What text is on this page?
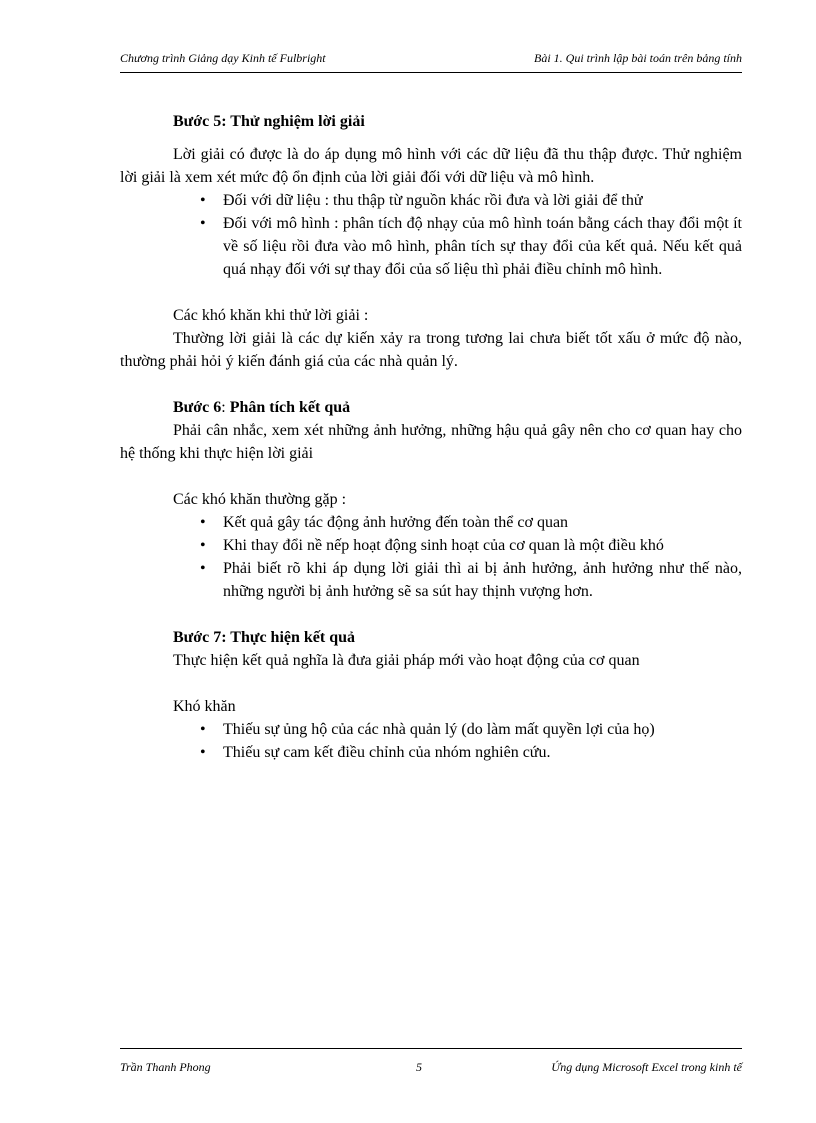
Chương trình Giảng dạy Kinh tế Fulbright	Bài 1. Qui trình lập bài toán trên bảng tính
Bước 5: Thử nghiệm lời giải

Lời giải có được là do áp dụng mô hình với các dữ liệu đã thu thập được. Thử nghiệm lời giải là xem xét mức độ ổn định của lời giải đối với dữ liệu và mô hình.

• Đối với dữ liệu : thu thập từ nguồn khác rồi đưa và lời giải để thử
• Đối với mô hình : phân tích độ nhạy của mô hình toán bằng cách thay đổi một ít về số liệu rồi đưa vào mô hình, phân tích sự thay đổi của kết quả. Nếu kết quả quá nhạy đối với sự thay đổi của số liệu thì phải điều chỉnh mô hình.

Các khó khăn khi thử lời giải :

Thường lời giải là các dự kiến xảy ra trong tương lai chưa biết tốt xấu ở mức độ nào, thường phải hỏi ý kiến đánh giá của các nhà quản lý.

Bước 6: Phân tích kết quả

Phải cân nhắc, xem xét những ảnh hưởng, những hậu quả gây nên cho cơ quan hay cho hệ thống khi thực hiện lời giải

Các khó khăn thường gặp :

• Kết quả gây tác động ảnh hưởng đến toàn thể cơ quan
• Khi thay đổi nề nếp hoạt động sinh hoạt của cơ quan là một điều khó
• Phải biết rõ khi áp dụng lời giải thì ai bị ảnh hưởng, ảnh hưởng như thế nào, những người bị ảnh hưởng sẽ sa sút hay thịnh vượng hơn.
Bước 7: Thực hiện kết quả

Thực hiện kết quả nghĩa là đưa giải pháp mới vào hoạt động của cơ quan

Khó khăn

• Thiếu sự ủng hộ của các nhà quản lý (do làm mất quyền lợi của họ)
• Thiếu sự cam kết điều chỉnh của nhóm nghiên cứu.
Trần Thanh Phong	5	Ứng dụng Microsoft Excel trong kinh tế
